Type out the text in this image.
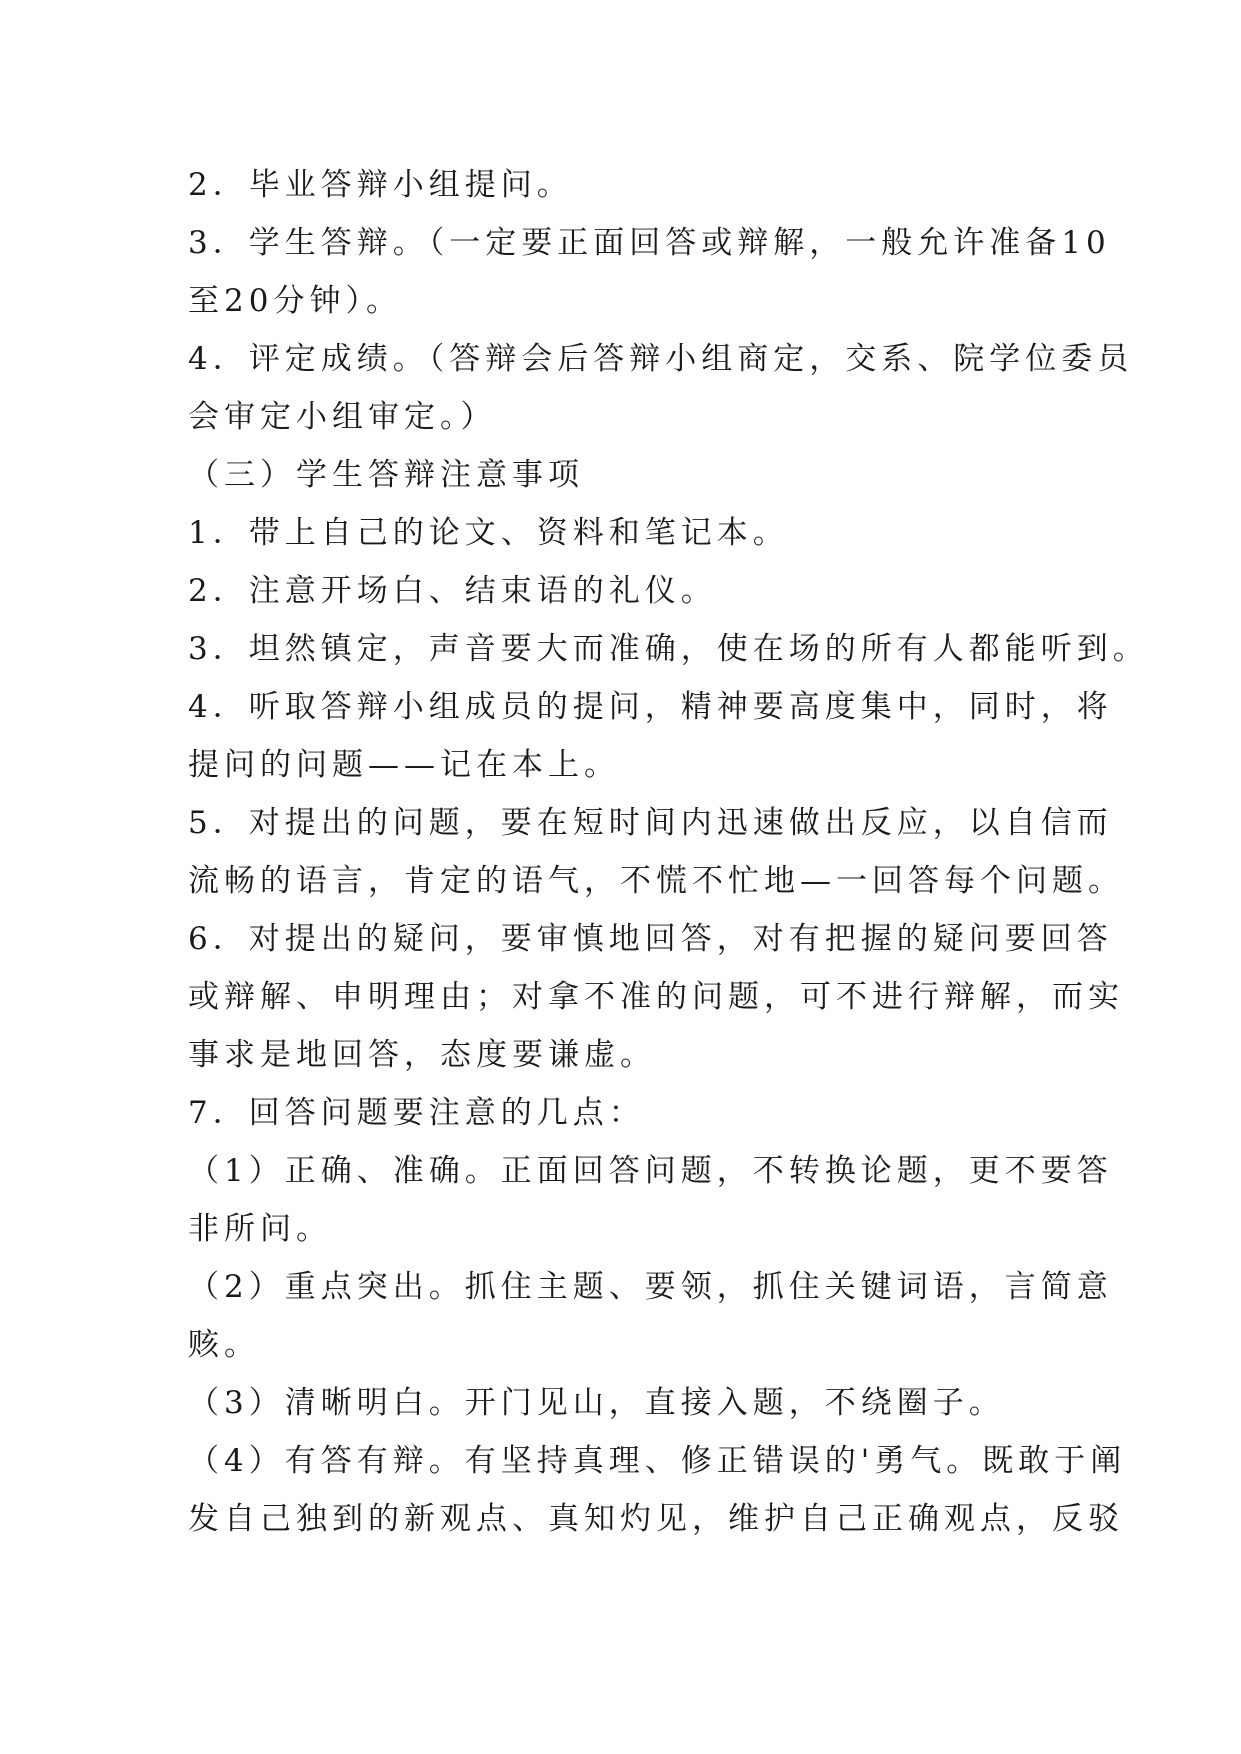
2．毕业答辩小组提问。
3．学生答辩。（一定要正面回答或辩解，一般允许准备10
至20分钟）。
4．评定成绩。（答辩会后答辩小组商定，交系、院学位委员
会审定小组审定。）
（三）学生答辩注意事项
1．带上自己的论文、资料和笔记本。
2．注意开场白、结束语的礼仪。
3．坦然镇定，声音要大而准确，使在场的所有人都能听到。
4．听取答辩小组成员的提问，精神要高度集中，同时，将
提问的问题——记在本上。
5．对提出的问题，要在短时间内迅速做出反应，以自信而
流畅的语言，肯定的语气，不慌不忙地—一回答每个问题。
6．对提出的疑问，要审慎地回答，对有把握的疑问要回答
或辩解、申明理由；对拿不准的问题，可不进行辩解，而实
事求是地回答，态度要谦虚。
7．回答问题要注意的几点：
（1）正确、准确。正面回答问题，不转换论题，更不要答
非所问。
（2）重点突出。抓住主题、要领，抓住关键词语，言简意
赅。
（3）清晰明白。开门见山，直接入题，不绕圈子。
（4）有答有辩。有坚持真理、修正错误的'勇气。既敢于阐
发自己独到的新观点、真知灼见，维护自己正确观点，反驳
